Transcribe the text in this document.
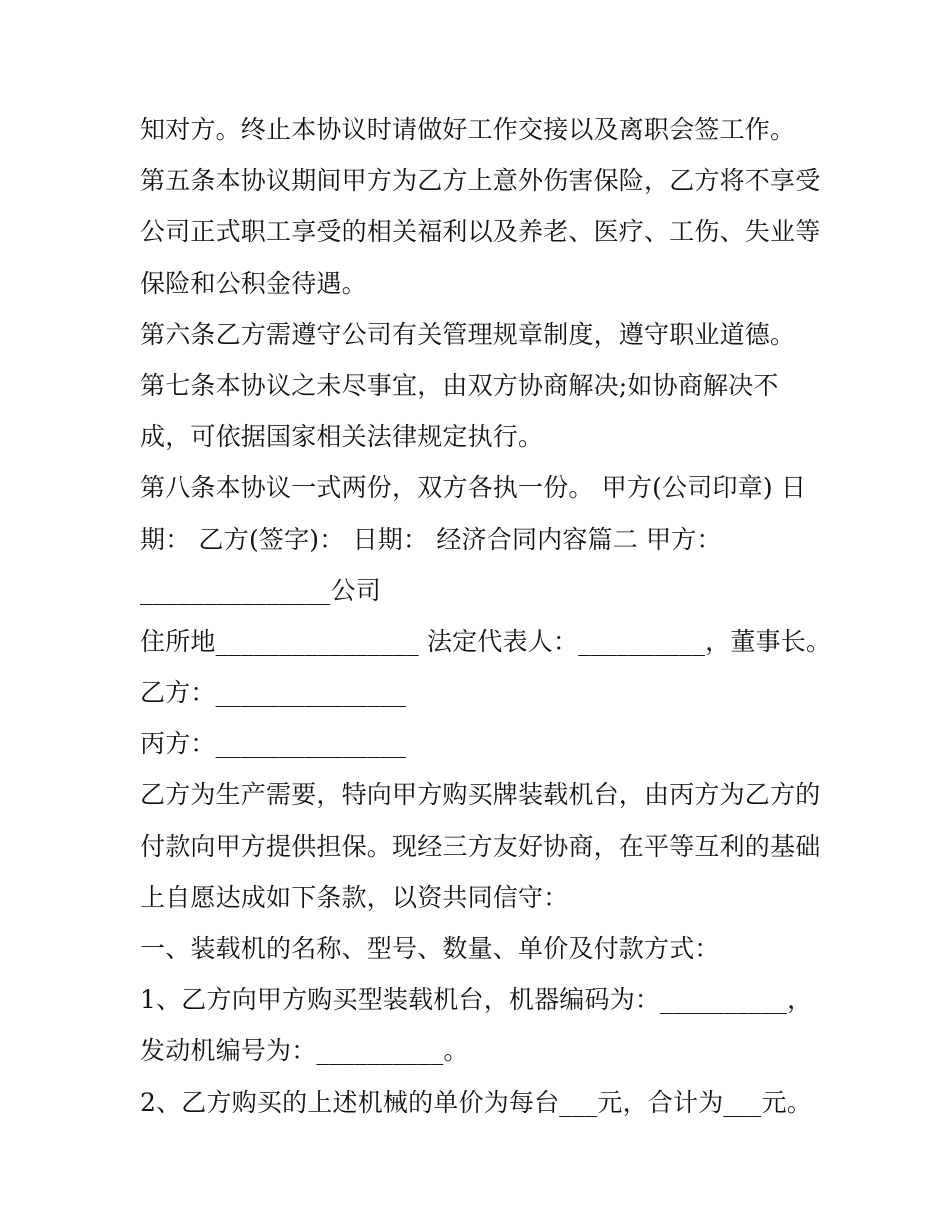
知对方。终止本协议时请做好工作交接以及离职会签工作。

第五条本协议期间甲方为乙方上意外伤害保险，乙方将不享受

公司正式职工享受的相关福利以及养老、医疗、工伤、失业等

保险和公积金待遇。

第六条乙方需遵守公司有关管理规章制度，遵守职业道德。

第七条本协议之未尽事宜，由双方协商解决;如协商解决不

成，可依据国家相关法律规定执行。

第八条本协议一式两份，双方各执一份。 甲方(公司印章) 日

期： 乙方(签字)： 日期： 经济合同内容篇二 甲方：

_______________公司

住所地________________ 法定代表人：__________，董事长。

乙方：_______________

丙方：_______________

乙方为生产需要，特向甲方购买牌装载机台，由丙方为乙方的

付款向甲方提供担保。现经三方友好协商，在平等互利的基础

上自愿达成如下条款，以资共同信守：

一、装载机的名称、型号、数量、单价及付款方式：

1、乙方向甲方购买型装载机台，机器编码为：__________，

发动机编号为：__________。

2、乙方购买的上述机械的单价为每台___元，合计为___元。
